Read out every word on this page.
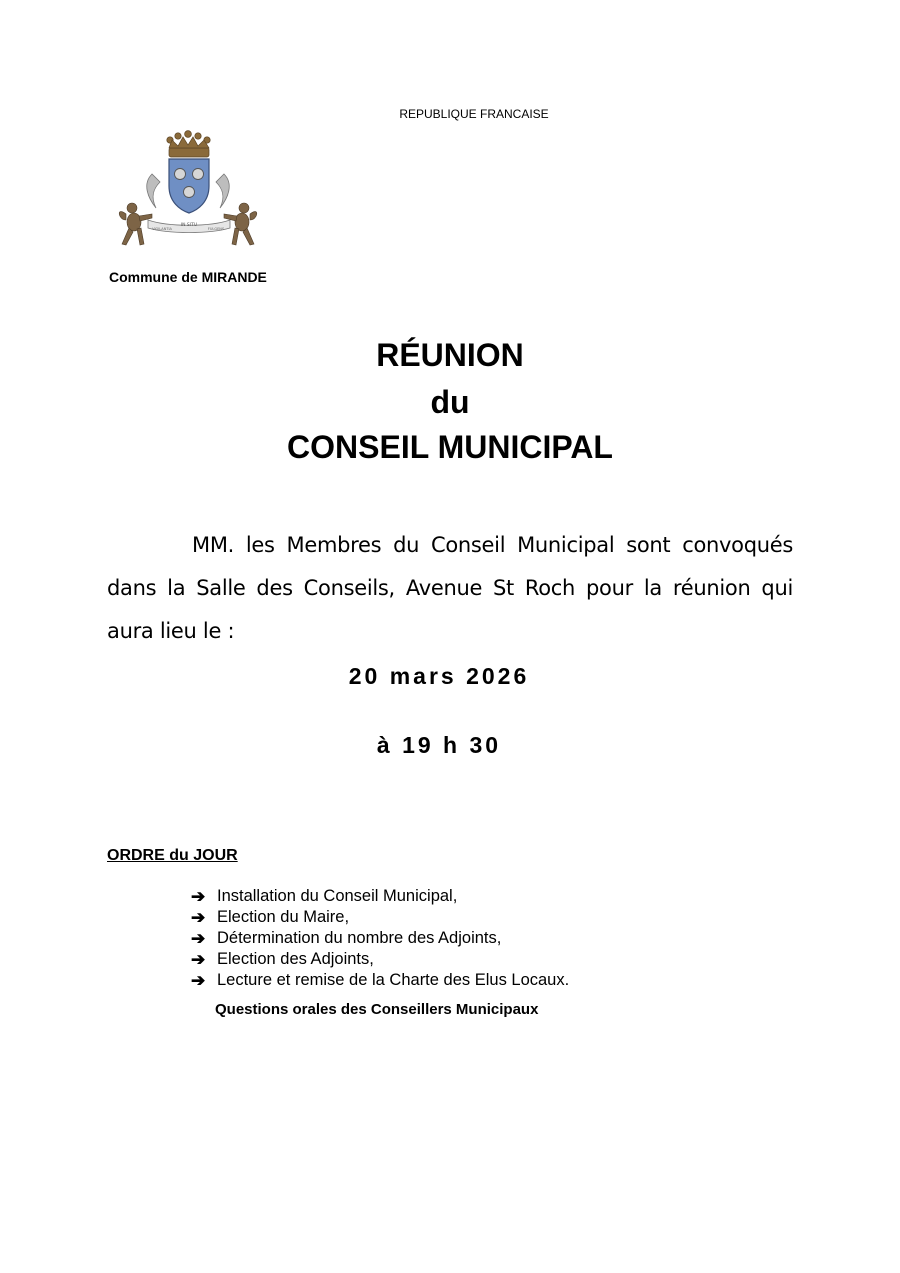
REPUBLIQUE FRANCAISE
IN SITU
VIGILANTIA	FULGENS
Commune de MIRANDE
RÉUNION
du
CONSEIL MUNICIPAL

MM. les Membres du Conseil Municipal sont convoqués dans la Salle des Conseils, Avenue St Roch pour la réunion qui aura lieu le :

20 mars 2026
à 19 h 30
ORDRE du JOUR
➔ Installation du Conseil Municipal,
➔ Election du Maire,
➔ Détermination du nombre des Adjoints,
➔ Election des Adjoints,
➔ Lecture et remise de la Charte des Elus Locaux.
Questions orales des Conseillers Municipaux
